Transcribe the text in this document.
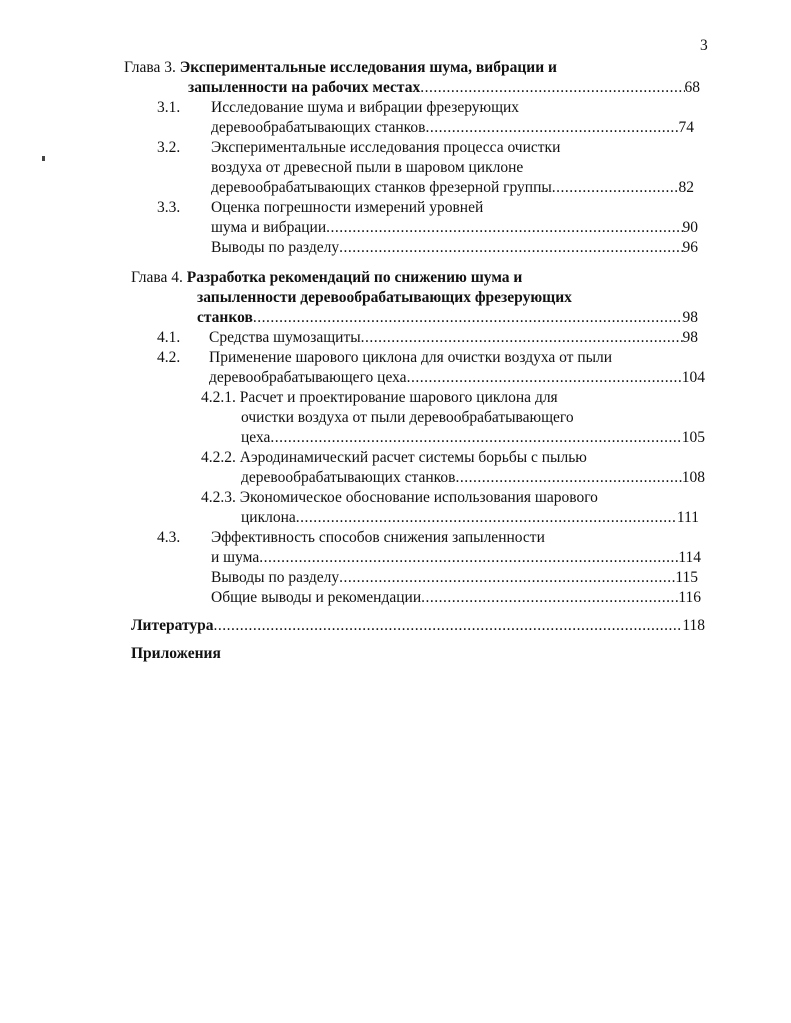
3
Глава 3. Экспериментальные исследования шума, вибрации и
запыленности на рабочих местах .....	68
3.1. Исследование шума и вибрации фрезерующих
деревообрабатывающих станков .....	74
3.2. Экспериментальные исследования процесса очистки
воздуха от древесной пыли в шаровом циклоне
деревообрабатывающих станков фрезерной группы .....	82
3.3. Оценка погрешности измерений уровней
шума и вибрации .....	90
Выводы по разделу .....	96
Глава 4. Разработка рекомендаций по снижению шума и
запыленности деревообрабатывающих фрезерующих
станков .....	98
4.1. Средства шумозащиты .....	98
4.2. Применение шарового циклона для очистки воздуха от пыли
деревообрабатывающего цеха .....	104
4.2.1. Расчет и проектирование шарового циклона для
очистки воздуха от пыли деревообрабатывающего
цеха .....	105
4.2.2. Аэродинамический расчет системы борьбы с пылью
деревообрабатывающих станков .....	108
4.2.3. Экономическое обоснование использования шарового
циклона .....	111
4.3. Эффективность способов снижения запыленности
и шума .....	114
Выводы по разделу .....	115
Общие выводы и рекомендации .....	116
Литература .....	118
Приложения
